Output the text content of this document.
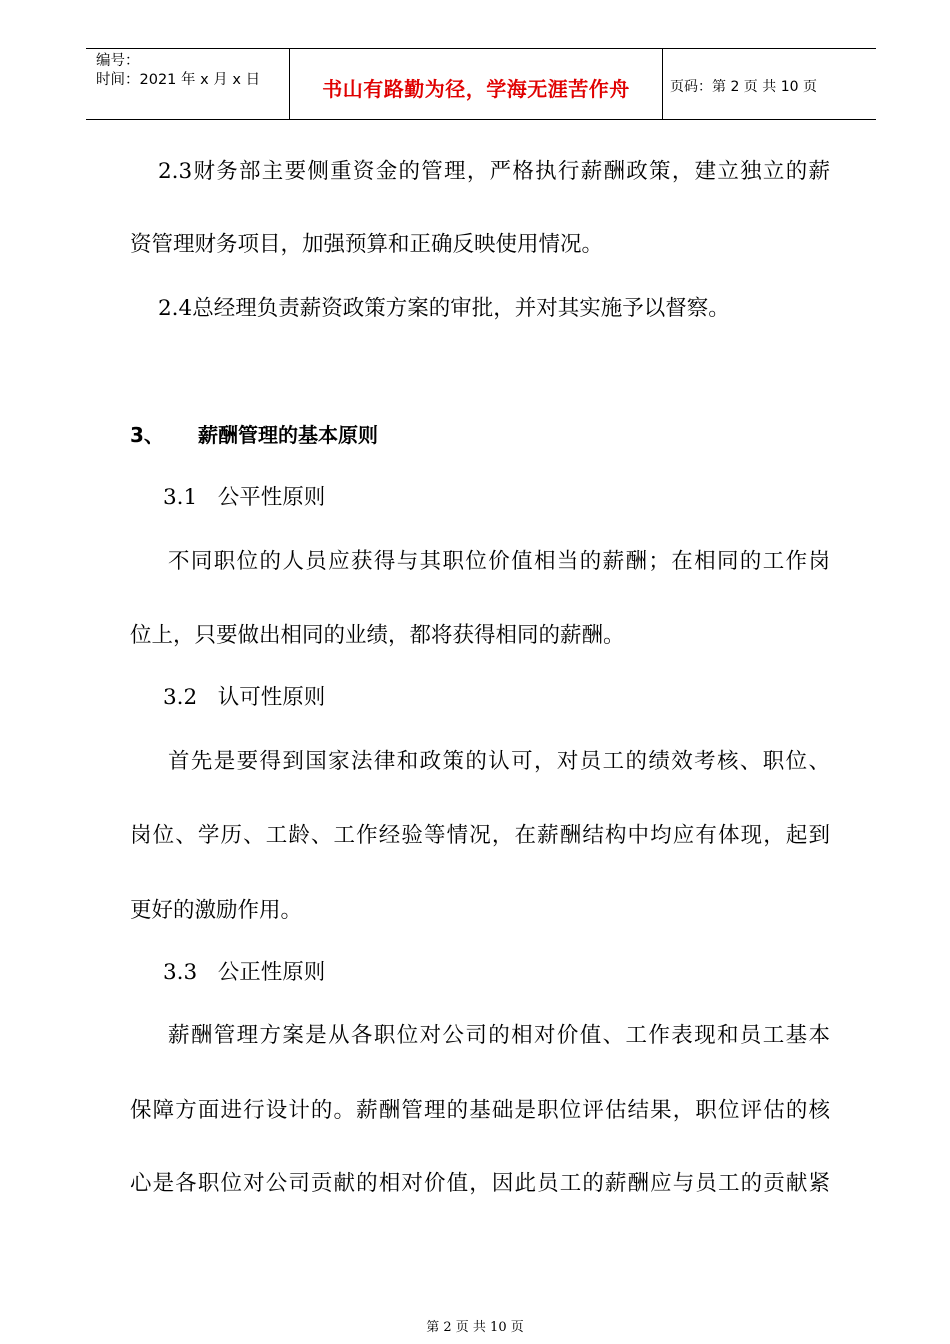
编号：
时间：2021 年 x 月 x 日	书山有路勤为径，学海无涯苦作舟	页码：第 2 页 共 10 页
2.3财务部主要侧重资金的管理，严格执行薪酬政策，建立独立的薪
资管理财务项目，加强预算和正确反映使用情况。
2.4总经理负责薪资政策方案的审批，并对其实施予以督察。
3、 薪酬管理的基本原则
3.1   公平性原则
不同职位的人员应获得与其职位价值相当的薪酬；在相同的工作岗
位上，只要做出相同的业绩，都将获得相同的薪酬。
3.2   认可性原则
首先是要得到国家法律和政策的认可，对员工的绩效考核、职位、
岗位、学历、工龄、工作经验等情况，在薪酬结构中均应有体现，起到
更好的激励作用。
3.3   公正性原则
薪酬管理方案是从各职位对公司的相对价值、工作表现和员工基本
保障方面进行设计的。薪酬管理的基础是职位评估结果，职位评估的核
心是各职位对公司贡献的相对价值，因此员工的薪酬应与员工的贡献紧
第 2 页 共 10 页
